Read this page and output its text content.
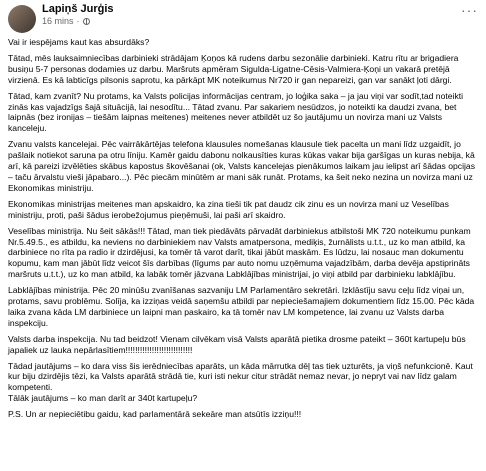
Lapiņš Jurģis
16 mins ·
···

Vai ir iespējams kaut kas absurdāks?

Tātad, mēs lauksaimniecības darbinieki strādājam Ķoņos kā rudens darbu sezonālie darbinieki. Katru rītu ar brigadiera busiņu 5-7 personas dodamies uz darbu. Maršruts apmēram Sigulda-Ligatne-Cēsis-Valmiera-Ķoņi un vakarā pretējā virzienā. Es kā labticīgs pilsonis saprotu, ka pārkāpt MK noteikumus Nr720 ir gan nepareizi, gan var sanākt ļoti dārgi.

Tātad, kam zvanīt? Nu protams, ka Valsts policijas informācijas centram, jo loģika saka – ja jau viņi var sodīt,tad noteikti zinās kas vajadzīgs šajā situācijā, lai nesodītu... Tātad zvanu. Par sakariem nesūdzos, jo noteikti ka daudzi zvana, bet laipnās (bez ironijas – tiešām laipnas meitenes) meitenes never atbildēt uz šo jautājumu un novirza mani uz Valsts kanceleju.

Zvanu valsts kancelejai. Pēc vairrākārtējas telefona klausules nomešanas klausule tiek pacelta un mani līdz uzgaidīt, jo pašlaik notiekot saruna pa otru līniju. Kamēr gaidu dabonu nolkausīties kuras kūkas vakar bija garšīgas un kuras nebija, kā arī, kā pareizi izvēlēties skābus kapostus škovēšanai (ok, Valsts kancelejas pienākumos laikam jau ielipst arī šādas opcijas – taču ārvalstu vieši jāpabaro...). Pēc piecām minūtēm ar mani sāk runāt. Protams, ka šeit neko nezina un novirza mani uz Ekonomikas ministriju.

Ekonomikas ministrijas meitenes man apskaidro, ka zina tieši tik pat daudz cik zinu es un novirza mani uz Veselības ministriju, proti, paši šādus ierobežojumus pieņēmuši, lai paši arī skaidro.

Veselības ministrija. Nu šeit sākās!!! Tātad, man tiek piedāvāts pārvadāt darbiniekus atbilstoši MK 720 noteikumu punkam Nr.5.49.5., es atbildu, ka neviens no darbiniekiem nav Valsts amatpersona, mediķis, žurnālists u.t.t., uz ko man atbild, ka darbiniece no rīta pa radio ir dzirdējusi, ka tomēr tā varot darīt, tikai jābūt maskām. Es lūdzu, lai nosauc man dokumentu kopumu, kam man jābūt līdz veicot šīs darbības (līgums par auto nomu uzņēmuma vajadzībām, darba devēja apstiprināts maršruts u.t.t.), uz ko man atbild, ka labāk tomēr jāzvana Labklājības ministrijai, jo viņi atbild par darbinieku labklājību.

Labklājības ministrija. Pēc 20 minūšu zvanīšanas sazvaniju LM Parlamentāro sekretāri. Izklāstīju savu ceļu līdz viņai un, protams, savu problēmu. Solīja, ka izziņas veidā saņemšu atbildi par nepieciešamajiem dokumentiem līdz 15.00. Pēc kāda laika zvana kāda LM darbiniece un laipni man paskairo, ka tā tomēr nav LM kompetence, lai zvanu uz Valsts darba inspekciju.

Valsts darba inspekcija. Nu tad beidzot! Vienam cilvēkam visā Valsts aparātā pietika drosme pateikt – 360t kartupeļu būs japaliek uz lauka nepārlasītiem!!!!!!!!!!!!!!!!!!!!!!!!!!!!

Tādad jautājums – ko dara viss šis ierēdniecības aparāts, un kāda mārrutka dēļ tas tiek uzturēts, ja viņš nefunkcionē. Kaut kur biju dzirdējis tēzi, ka Valsts aparātā strādā tie, kuri isti nekur citur strādāt nemaz nevar, jo nepryt vai nav līdz galam kompetenti.
Tālāk jautājums – ko man darīt ar 340t kartupeļu?

P.S. Un ar nepieciētibu gaidu, kad parlamentārā sekeāre man atsūtīs izziņu!!!
